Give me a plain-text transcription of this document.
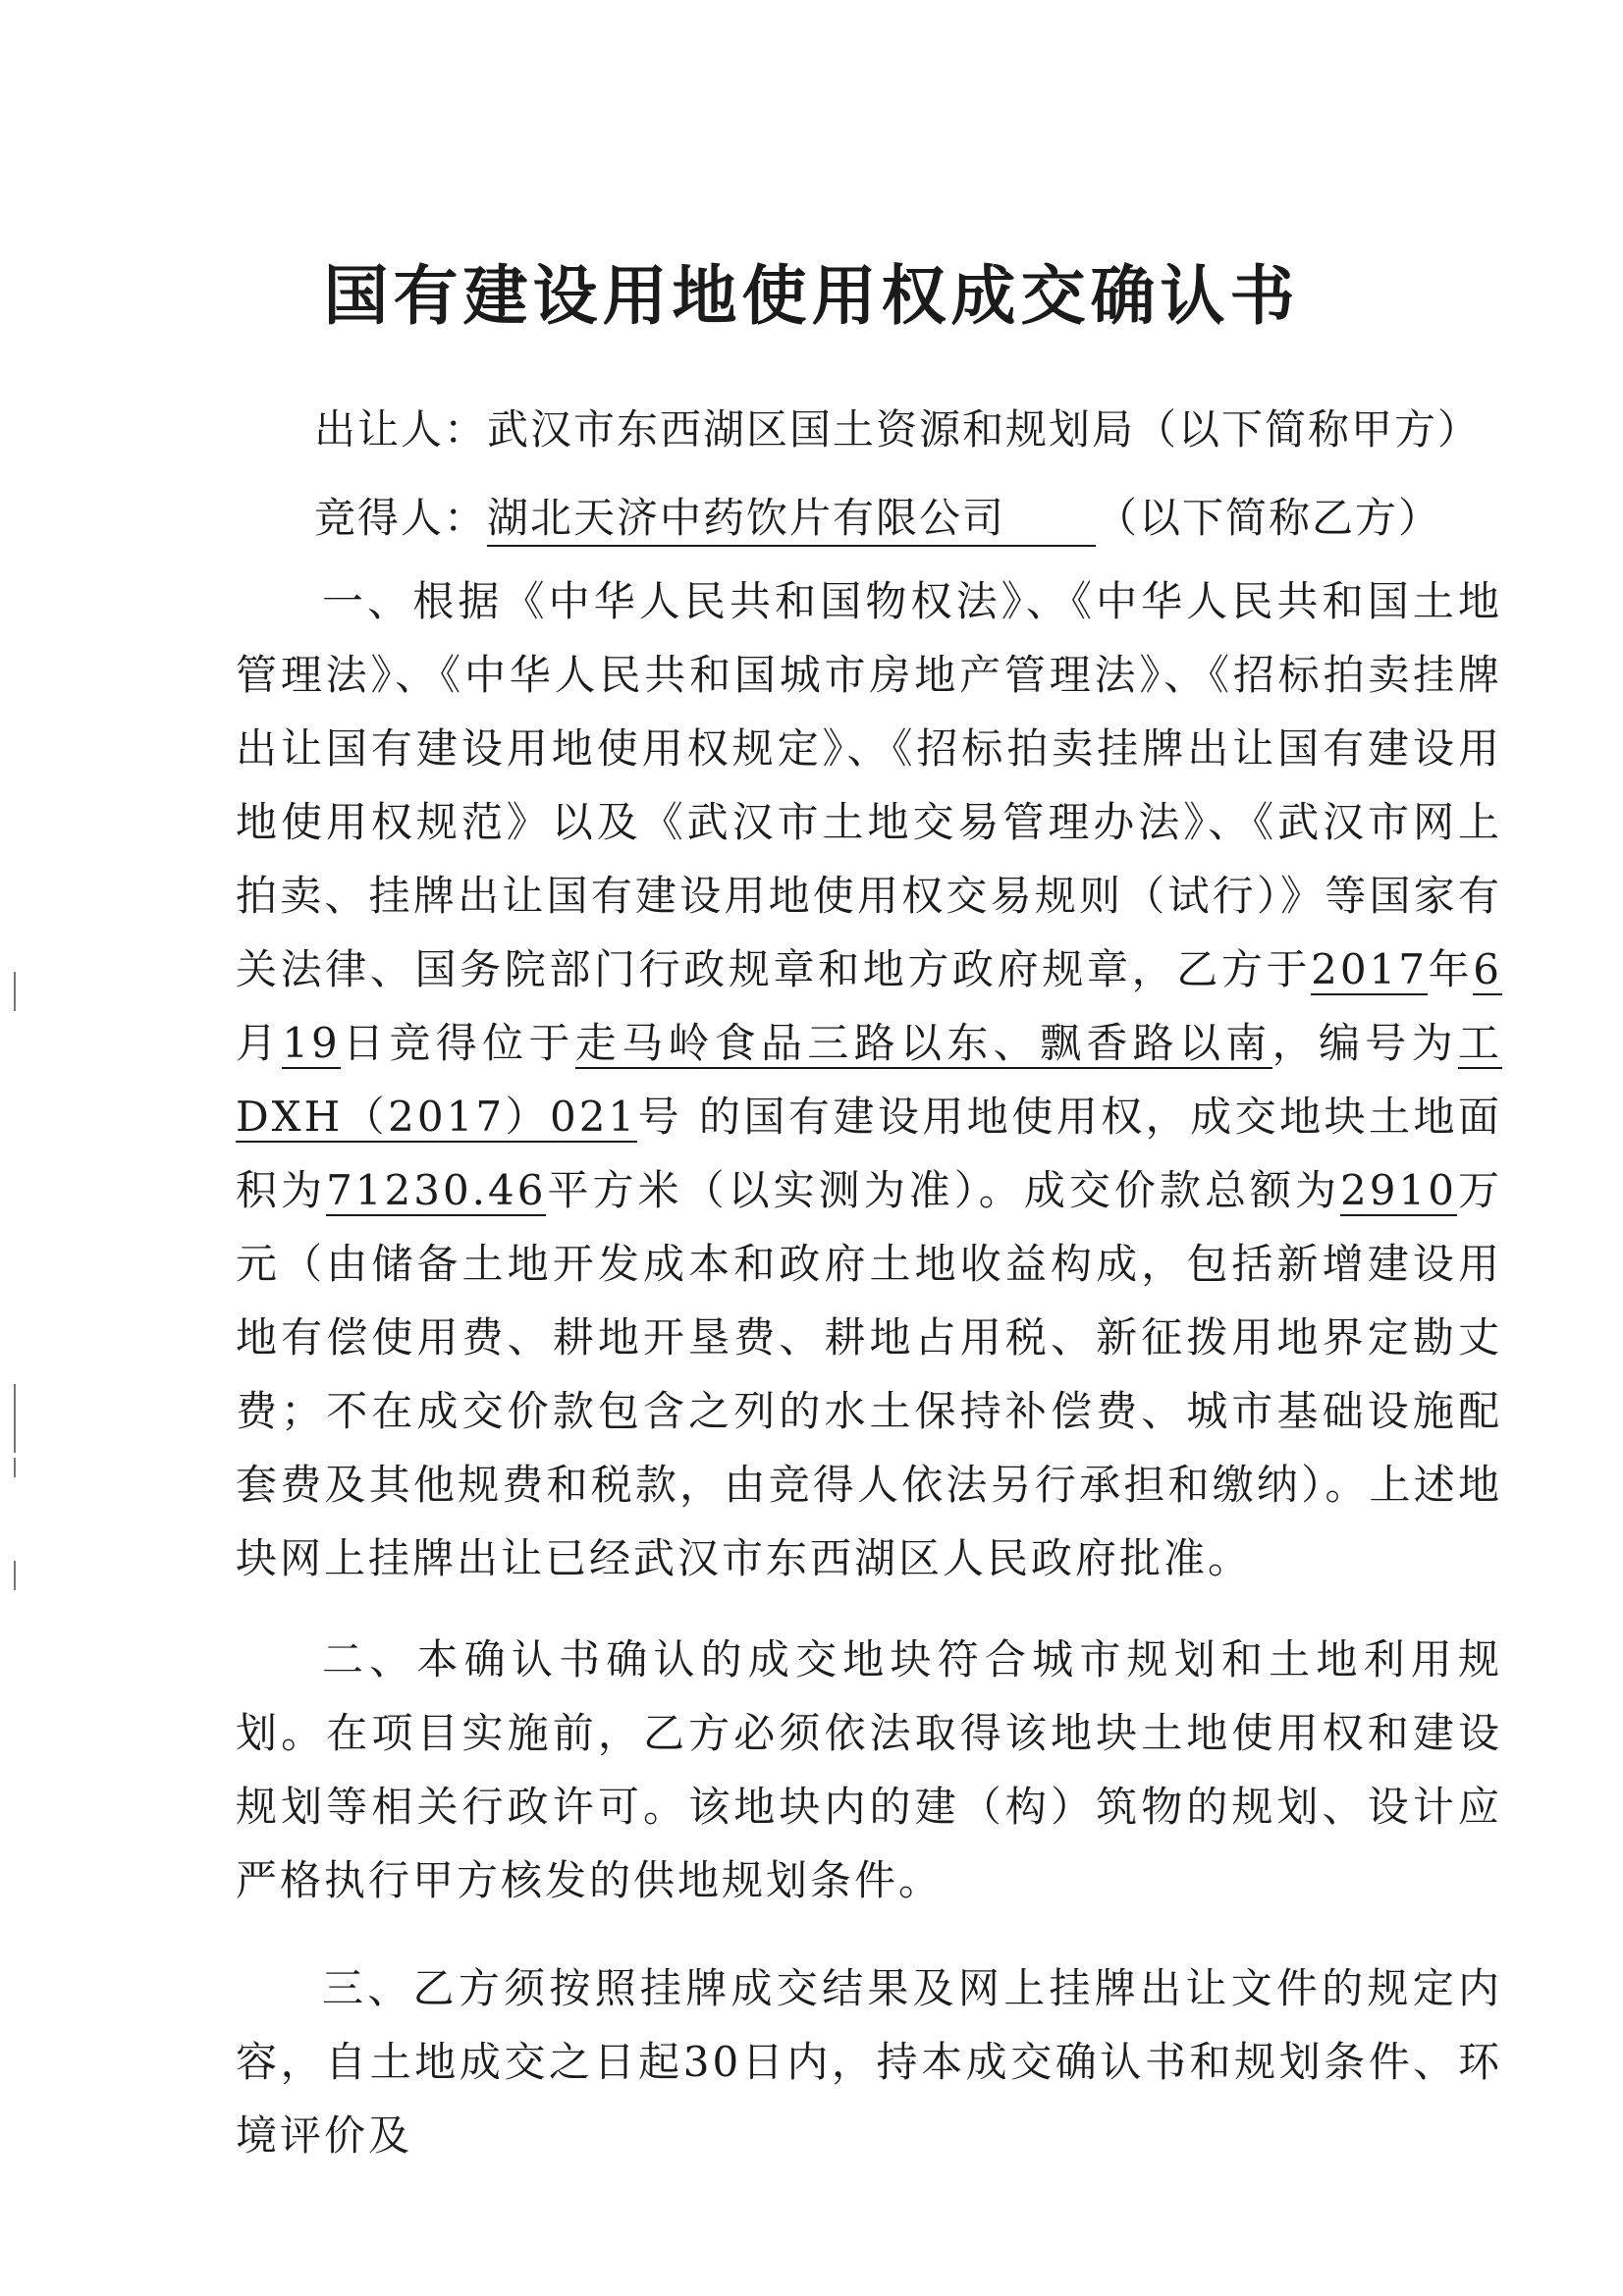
国有建设用地使用权成交确认书
出让人：武汉市东西湖区国土资源和规划局（以下简称甲方）
竞得人：湖北天济中药饮片有限公司 （以下简称乙方）

一、根据《中华人民共和国物权法》、《中华人民共和国土地管理法》、《中华人民共和国城市房地产管理法》、《招标拍卖挂牌出让国有建设用地使用权规定》、《招标拍卖挂牌出让国有建设用地使用权规范》以及《武汉市土地交易管理办法》、《武汉市网上拍卖、挂牌出让国有建设用地使用权交易规则（试行）》等国家有关法律、国务院部门行政规章和地方政府规章，乙方于2017年6月19日竞得位于走马岭食品三路以东、飘香路以南，编号为工 DXH（2017）021号 的国有建设用地使用权，成交地块土地面积为71230.46平方米（以实测为准）。成交价款总额为2910万元（由储备土地开发成本和政府土地收益构成，包括新增建设用地有偿使用费、耕地开垦费、耕地占用税、新征拨用地界定勘丈费；不在成交价款包含之列的水土保持补偿费、城市基础设施配套费及其他规费和税款，由竞得人依法另行承担和缴纳）。上述地块网上挂牌出让已经武汉市东西湖区人民政府批准。

二、本确认书确认的成交地块符合城市规划和土地利用规划。在项目实施前，乙方必须依法取得该地块土地使用权和建设规划等相关行政许可。该地块内的建（构）筑物的规划、设计应严格执行甲方核发的供地规划条件。

三、乙方须按照挂牌成交结果及网上挂牌出让文件的规定内容，自土地成交之日起30日内，持本成交确认书和规划条件、环境评价及
